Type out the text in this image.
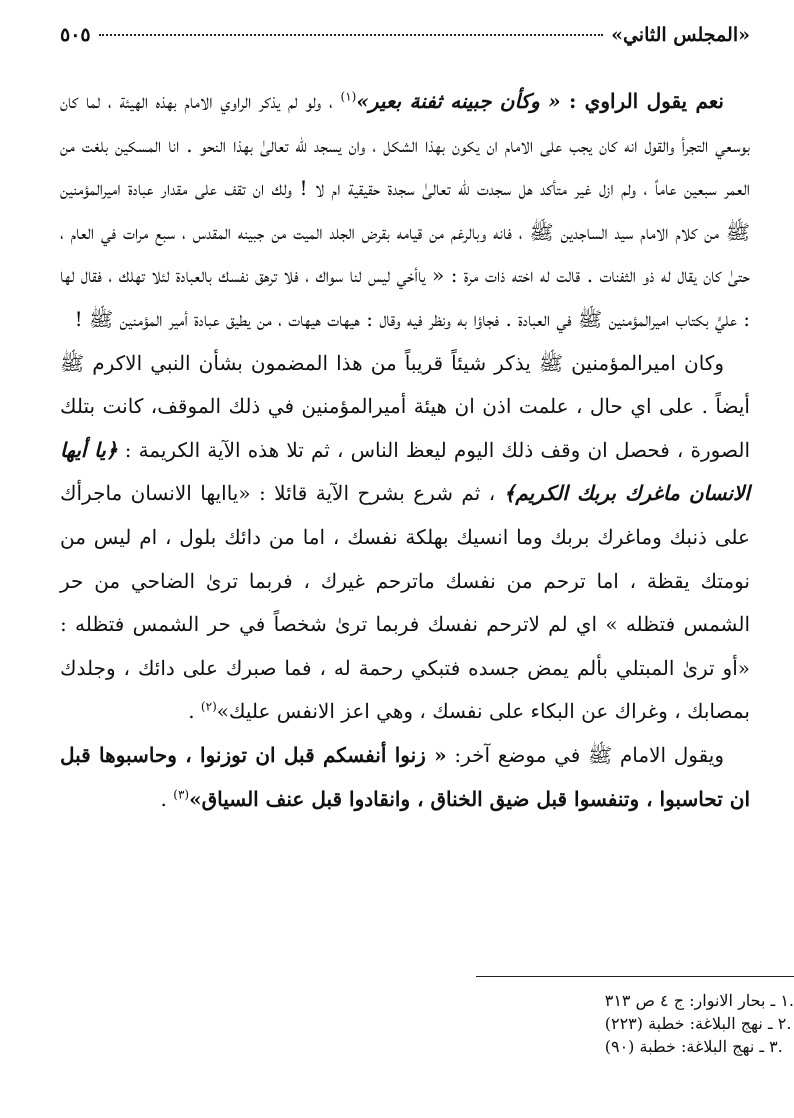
«المجلس الثاني»
٥٠٥

نعم يقول الراوي : « وكأن جبينه ثفنة بعير»$^{(١)}$ ، ولو لم يذكر الراوي الامام بهذه الهيئة ، لما كان بوسعي التجرأ والقول انه كان يجب على الامام ان يكون بهذا الشكل ، وان يسجد للّه تعالىٰ بهذا النحو . انا المسكين بلغت من العمر سبعين عاماً ، ولم ازل غير متأكد هل سجدت للّه تعالىٰ سجدة حقيقية ام لا ! ولك ان تقف على مقدار عبادة اميرالمؤمنين ﷺ من كلام الامام سيد الساجدين ﷺ ، فانه وبالرغم من قيامه بقرض الجلد الميت من جبينه المقدس ، سبع مرات في العام ، حتىٰ كان يقال له ذو الثفنات . قالت له اخته ذات مرة : « ياأخي ليس لنا سواك ، فلا ترهق نفسك بالعبادة لئلا تهلك ، فقال لها : عليَّ بكتاب اميرالمؤمنين ﷺ في العبادة . فجاؤا به ونظر فيه وقال : هيهات هيهات ، من يطيق عبادة أمير المؤمنين ﷺ !

وكان اميرالمؤمنين ﷺ يذكر شيئاً قريباً من هذا المضمون بشأن النبي الاكرم ﷺ أيضاً . على اي حال ، علمت اذن ان هيئة أميرالمؤمنين في ذلك الموقف، كانت بتلك الصورة ، فحصل ان وقف ذلك اليوم ليعظ الناس ، ثم تلا هذه الآية الكريمة : ﴿يا أيها الانسان ماغرك بربك الكريم﴾ ، ثم شرع بشرح الآية قائلا : «ياايها الانسان ماجرأك على ذنبك وماغرك بربك وما انسيك بهلكة نفسك ، اما من دائك بلول ، ام ليس من نومتك يقظة ، اما ترحم من نفسك ماترحم غيرك ، فربما ترىٰ الضاحي من حر الشمس فتظله » اي لم لاترحم نفسك فربما ترىٰ شخصاً في حر الشمس فتظله : «أو ترىٰ المبتلي بألم يمض جسده فتبكي رحمة له ، فما صبرك على دائك ، وجلدك بمصابك ، وغراك عن البكاء على نفسك ، وهي اعز الانفس عليك»$^{(٢)}$ .

ويقول الامام ﷺ في موضع آخر: « زنوا أنفسكم قبل ان توزنوا ، وحاسبوها قبل ان تحاسبوا ، وتنفسوا قبل ضيق الخناق ، وانقادوا قبل عنف السياق»$^{(٣)}$ .

١ ـ بحار الانوار: ج ٤ ص ٣١٣.
٢ ـ نهج البلاغة: خطبة (٢٢٣).
٣ ـ نهج البلاغة: خطبة (٩٠).
